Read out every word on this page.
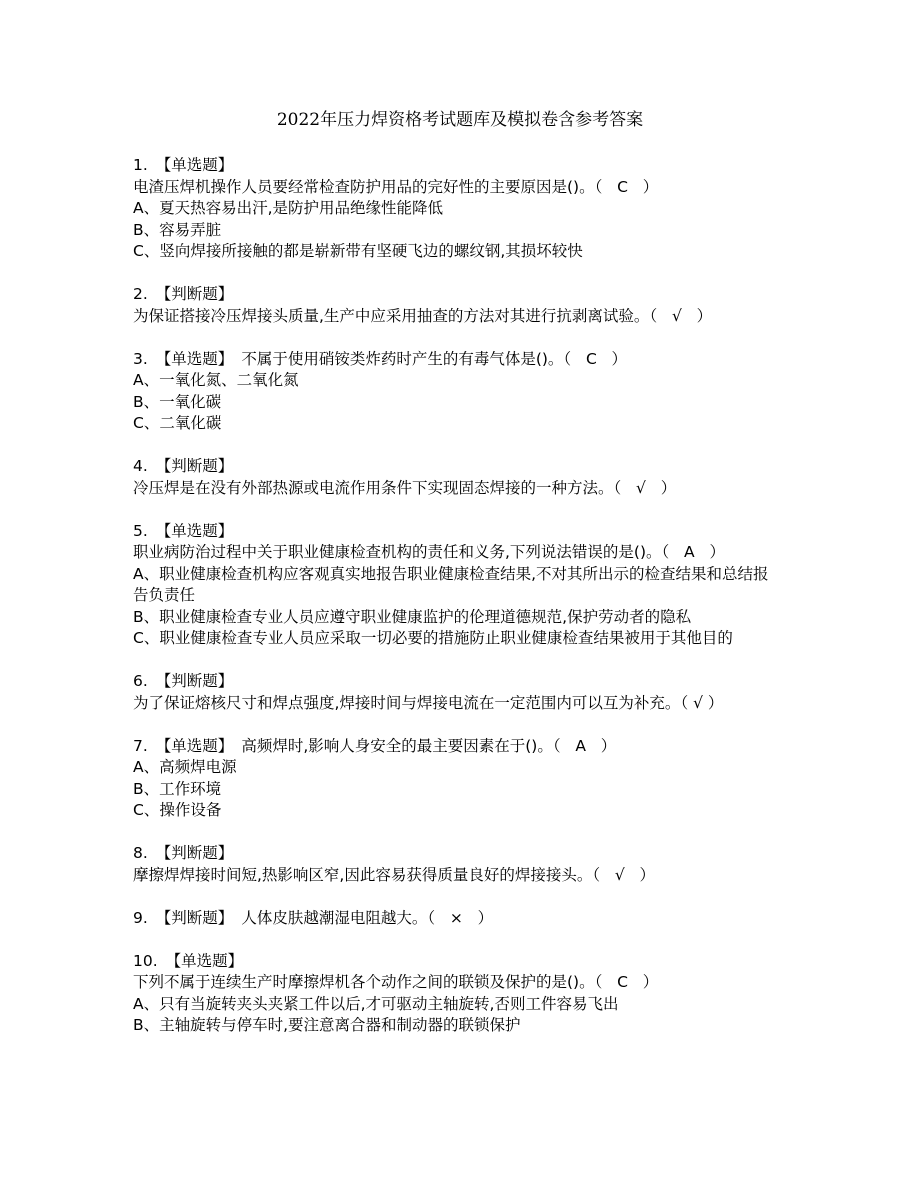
2022年压力焊资格考试题库及模拟卷含参考答案
1. 【单选题】
电渣压焊机操作人员要经常检查防护用品的完好性的主要原因是()。（   C   ）
A、夏天热容易出汗,是防护用品绝缘性能降低
B、容易弄脏
C、竖向焊接所接触的都是崭新带有坚硬飞边的螺纹钢,其损坏较快
2. 【判断题】
为保证搭接冷压焊接头质量,生产中应采用抽查的方法对其进行抗剥离试验。（   √   ）
3. 【单选题】 不属于使用硝铵类炸药时产生的有毒气体是()。（   C   ）
A、一氧化氮、二氧化氮
B、一氧化碳
C、二氧化碳
4. 【判断题】
冷压焊是在没有外部热源或电流作用条件下实现固态焊接的一种方法。（   √   ）
5. 【单选题】
职业病防治过程中关于职业健康检查机构的责任和义务,下列说法错误的是()。（   A   ）
A、职业健康检查机构应客观真实地报告职业健康检查结果,不对其所出示的检查结果和总结报告负责任
B、职业健康检查专业人员应遵守职业健康监护的伦理道德规范,保护劳动者的隐私
C、职业健康检查专业人员应采取一切必要的措施防止职业健康检查结果被用于其他目的
6. 【判断题】
为了保证熔核尺寸和焊点强度,焊接时间与焊接电流在一定范围内可以互为补充。（ √ ）
7. 【单选题】 高频焊时,影响人身安全的最主要因素在于()。（   A   ）
A、高频焊电源
B、工作环境
C、操作设备
8. 【判断题】
摩擦焊焊接时间短,热影响区窄,因此容易获得质量良好的焊接接头。（   √   ）
9. 【判断题】 人体皮肤越潮湿电阻越大。（   ×   ）
10. 【单选题】
下列不属于连续生产时摩擦焊机各个动作之间的联锁及保护的是()。（   C   ）
A、只有当旋转夹头夹紧工件以后,才可驱动主轴旋转,否则工件容易飞出
B、主轴旋转与停车时,要注意离合器和制动器的联锁保护
